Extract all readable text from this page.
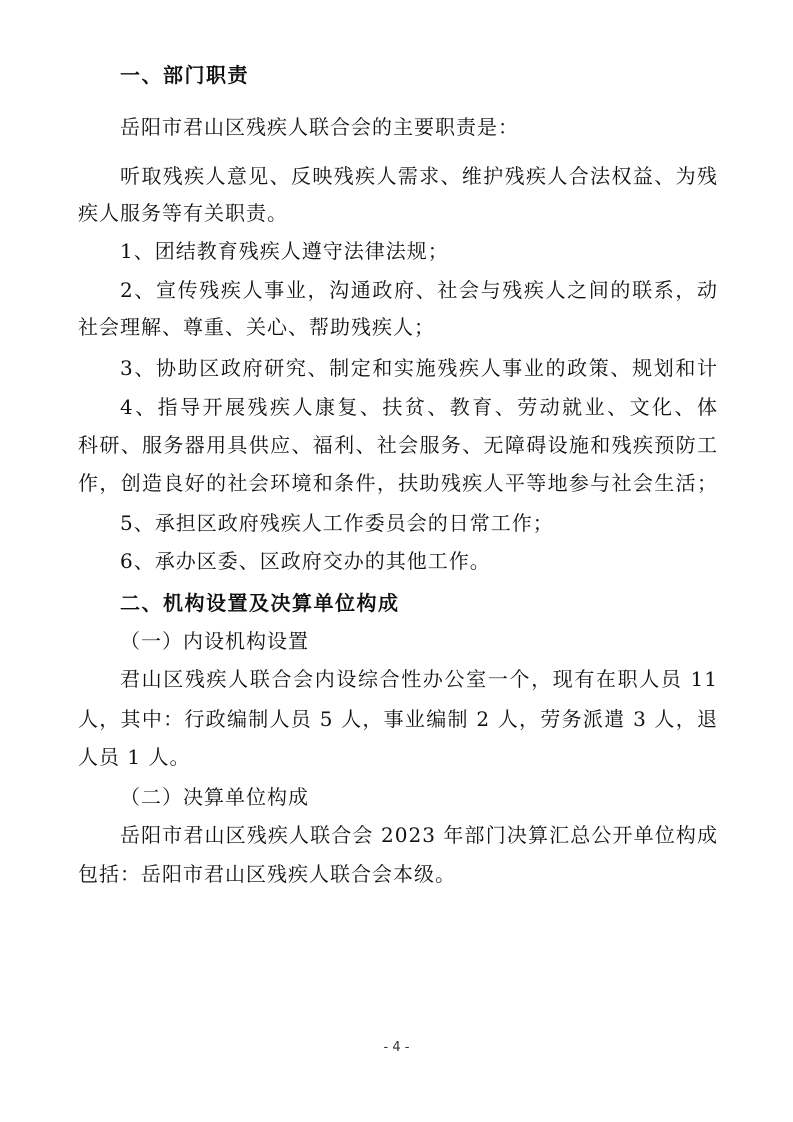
一、部门职责
岳阳市君山区残疾人联合会的主要职责是：
听取残疾人意见、反映残疾人需求、维护残疾人合法权益、为残
疾人服务等有关职责。
1、团结教育残疾人遵守法律法规；
2、宣传残疾人事业，沟通政府、社会与残疾人之间的联系，动
社会理解、尊重、关心、帮助残疾人；
3、协助区政府研究、制定和实施残疾人事业的政策、规划和计
4、指导开展残疾人康复、扶贫、教育、劳动就业、文化、体
科研、服务器用具供应、福利、社会服务、无障碍设施和残疾预防工
作，创造良好的社会环境和条件，扶助残疾人平等地参与社会生活；
5、承担区政府残疾人工作委员会的日常工作；
6、承办区委、区政府交办的其他工作。
二、机构设置及决算单位构成
（一）内设机构设置
君山区残疾人联合会内设综合性办公室一个，现有在职人员 11
人，其中：行政编制人员 5 人，事业编制 2 人，劳务派遣 3 人，退
人员 1 人。
（二）决算单位构成
岳阳市君山区残疾人联合会 2023 年部门决算汇总公开单位构成
包括：岳阳市君山区残疾人联合会本级。
- 4 -
